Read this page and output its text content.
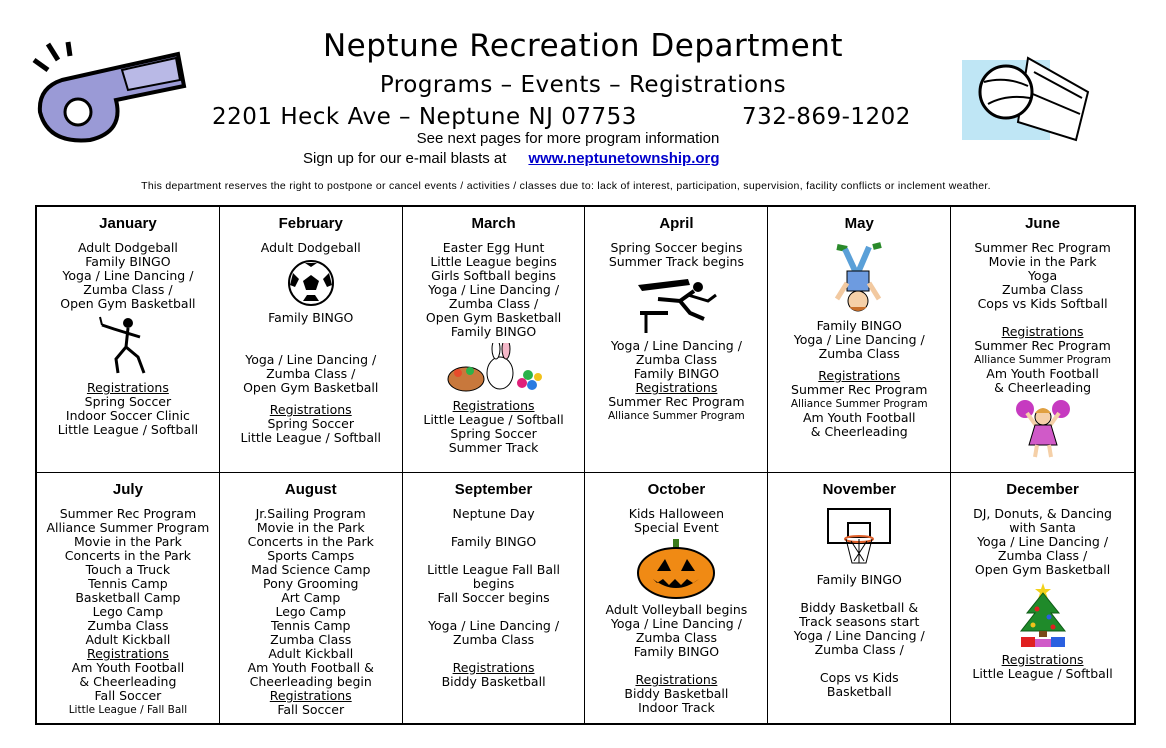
Neptune Recreation Department
Programs – Events – Registrations
2201 Heck Ave – Neptune NJ 07753	732-869-1202
See next pages for more program information
Sign up for our e-mail blasts at www.neptunetownship.org
This department reserves the right to postpone or cancel events / activities / classes due to: lack of interest, participation, supervision, facility conflicts or inclement weather.
January
Adult Dodgeball
Family BINGO
Yoga / Line Dancing /
Zumba Class /
Open Gym Basketball
Registrations
Spring Soccer
Indoor Soccer Clinic
Little League / Softball
February
Adult Dodgeball
Family BINGO
Yoga / Line Dancing /
Zumba Class /
Open Gym Basketball
Registrations
Spring Soccer
Little League / Softball
March
Easter Egg Hunt
Little League begins
Girls Softball begins
Yoga / Line Dancing /
Zumba Class /
Open Gym Basketball
Family BINGO
Registrations
Little League / Softball
Spring Soccer
Summer Track
April
Spring Soccer begins
Summer Track begins
Yoga / Line Dancing /
Zumba Class
Family BINGO
Registrations
Summer Rec Program
Alliance Summer Program
May
Family BINGO
Yoga / Line Dancing /
Zumba Class
Registrations
Summer Rec Program
Alliance Summer Program
Am Youth Football
& Cheerleading
June
Summer Rec Program
Movie in the Park
Yoga
Zumba Class
Cops vs Kids Softball
Registrations
Summer Rec Program
Alliance Summer Program
Am Youth Football
& Cheerleading
July
Summer Rec Program
Alliance Summer Program
Movie in the Park
Concerts in the Park
Touch a Truck
Tennis Camp
Basketball Camp
Lego Camp
Zumba Class
Adult Kickball
Registrations
Am Youth Football
& Cheerleading
Fall Soccer
Little League / Fall Ball
August
Jr.Sailing Program
Movie in the Park
Concerts in the Park
Sports Camps
Mad Science Camp
Pony Grooming
Art Camp
Lego Camp
Tennis Camp
Zumba Class
Adult Kickball
Am Youth Football &
Cheerleading begin
Registrations
Fall Soccer
September
Neptune Day
Family BINGO
Little League Fall Ball
begins
Fall Soccer begins
Yoga / Line Dancing /
Zumba Class
Registrations
Biddy Basketball
October
Kids Halloween
Special Event
Adult Volleyball begins
Yoga / Line Dancing /
Zumba Class
Family BINGO
Registrations
Biddy Basketball
Indoor Track
November
Family BINGO
Biddy Basketball &
Track seasons start
Yoga / Line Dancing /
Zumba Class /
Cops vs Kids
Basketball
December
DJ, Donuts, & Dancing
with Santa
Yoga / Line Dancing /
Zumba Class /
Open Gym Basketball
Registrations
Little League / Softball
